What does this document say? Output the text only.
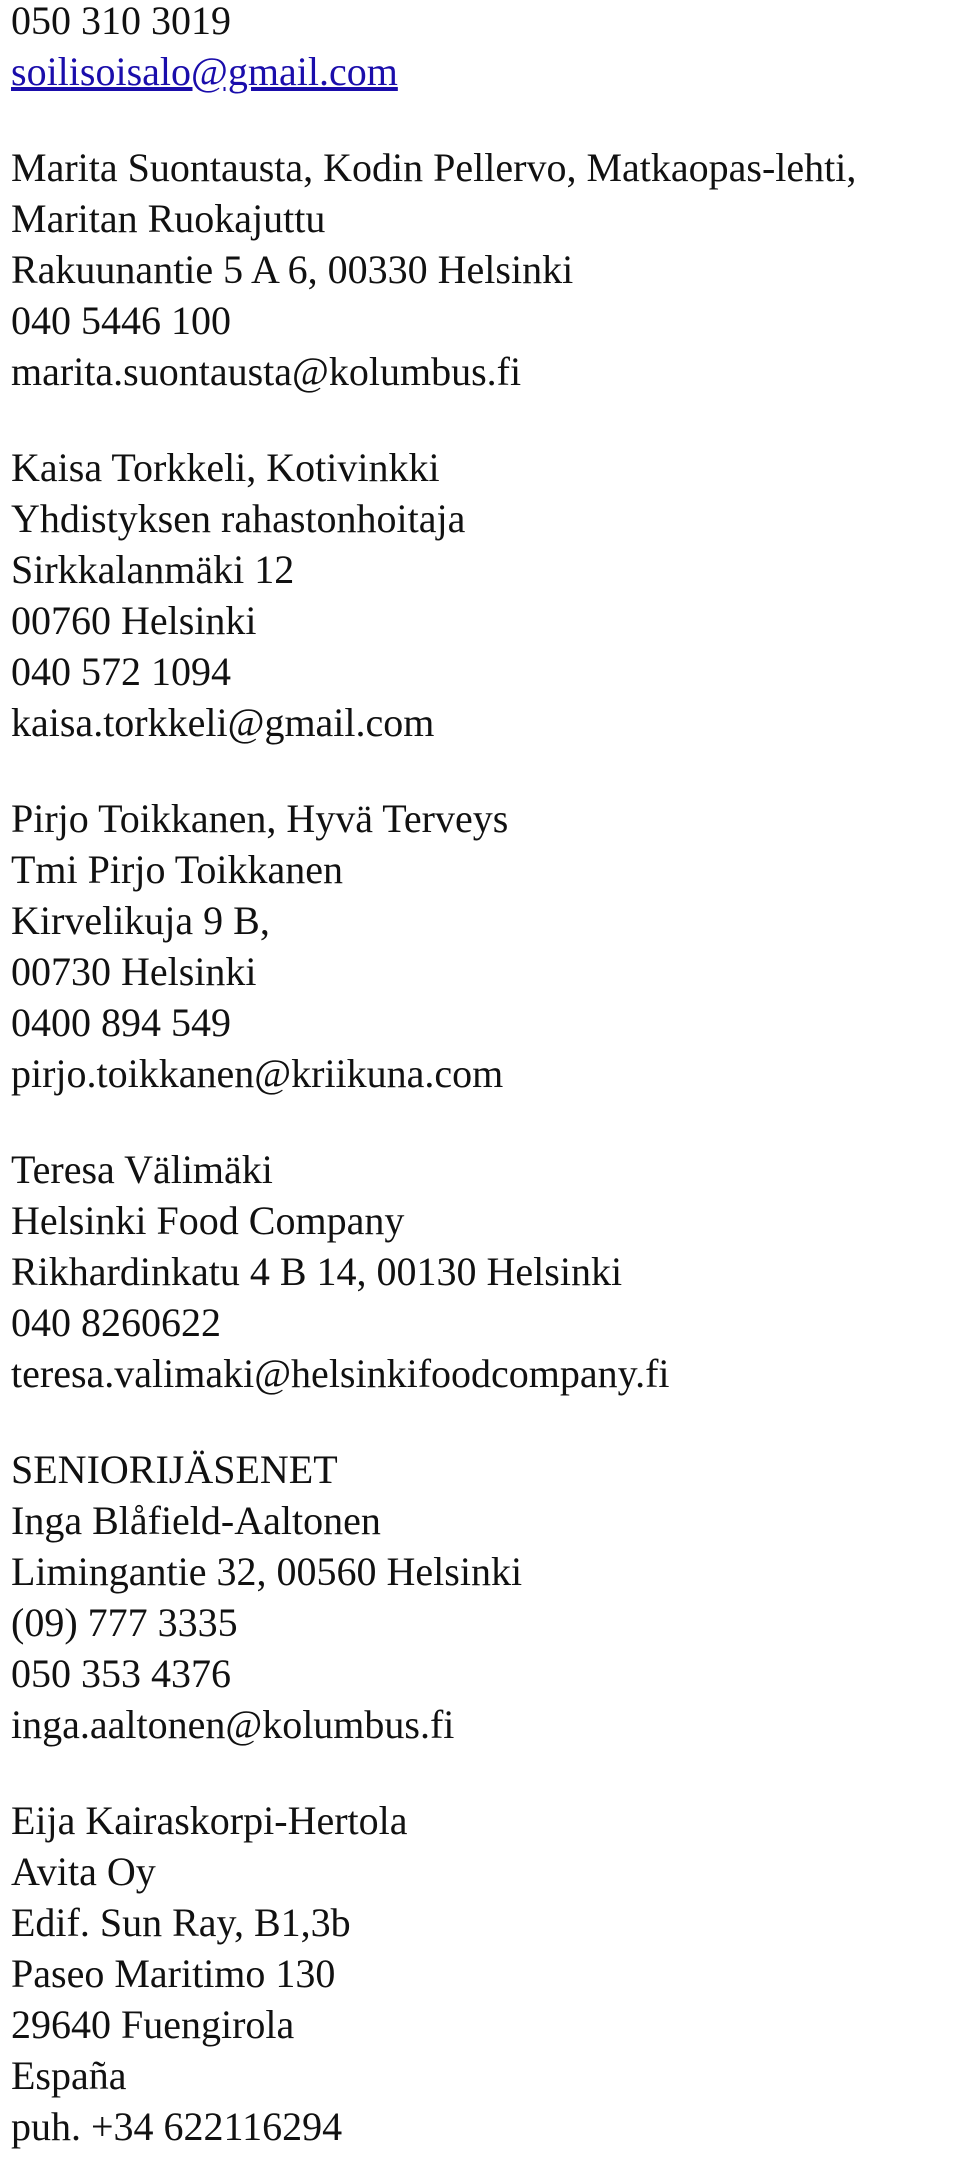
050 310 3019
soilisoisalo@gmail.com
Marita Suontausta, Kodin Pellervo, Matkaopas-lehti,
Maritan Ruokajuttu
Rakuunantie 5 A 6, 00330 Helsinki
040 5446 100
marita.suontausta@kolumbus.fi
Kaisa Torkkeli, Kotivinkki
Yhdistyksen rahastonhoitaja
Sirkkalanmäki 12
00760 Helsinki
040 572 1094
kaisa.torkkeli@gmail.com
Pirjo Toikkanen, Hyvä Terveys
Tmi Pirjo Toikkanen
Kirvelikuja 9 B,
00730 Helsinki
0400 894 549
pirjo.toikkanen@kriikuna.com
Teresa Välimäki
Helsinki Food Company
Rikhardinkatu 4 B 14, 00130 Helsinki
040 8260622
teresa.valimaki@helsinkifoodcompany.fi
SENIORIJÄSENET
Inga Blåfield-Aaltonen
Limingantie 32, 00560 Helsinki
(09) 777 3335
050 353 4376
inga.aaltonen@kolumbus.fi
Eija Kairaskorpi-Hertola
Avita Oy
Edif. Sun Ray, B1,3b
Paseo Maritimo 130
29640 Fuengirola
España
puh. +34 622116294
